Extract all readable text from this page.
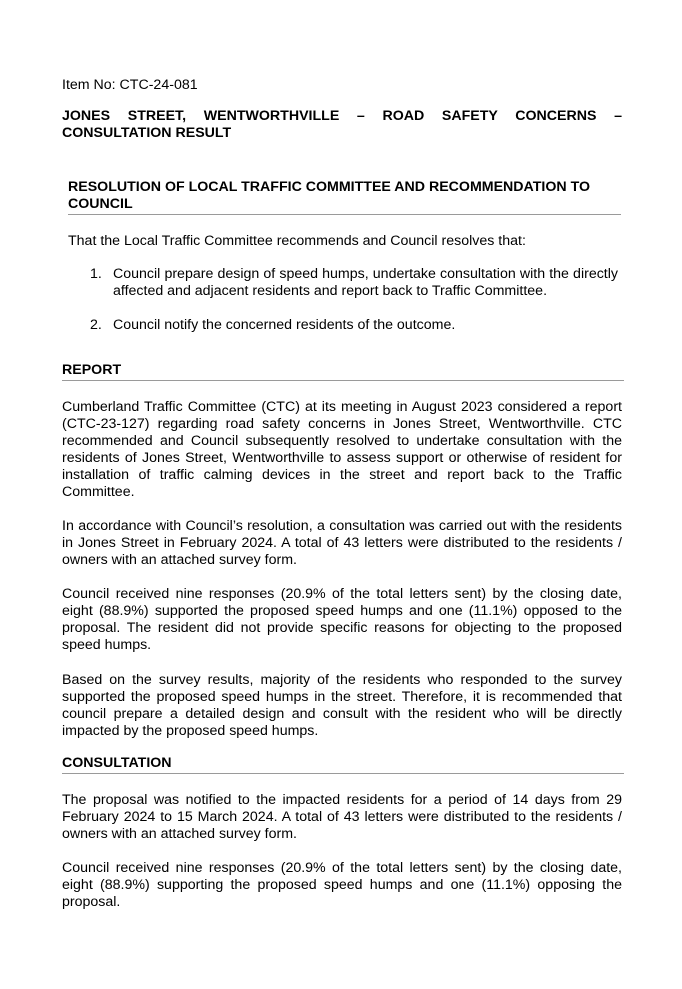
Item No: CTC-24-081
JONES STREET, WENTWORTHVILLE – ROAD SAFETY CONCERNS – CONSULTATION RESULT
RESOLUTION OF LOCAL TRAFFIC COMMITTEE AND RECOMMENDATION TO COUNCIL
That the Local Traffic Committee recommends and Council resolves that:
1. Council prepare design of speed humps, undertake consultation with the directly affected and adjacent residents and report back to Traffic Committee.
2. Council notify the concerned residents of the outcome.
REPORT
Cumberland Traffic Committee (CTC) at its meeting in August 2023 considered a report (CTC-23-127) regarding road safety concerns in Jones Street, Wentworthville. CTC recommended and Council subsequently resolved to undertake consultation with the residents of Jones Street, Wentworthville to assess support or otherwise of resident for installation of traffic calming devices in the street and report back to the Traffic Committee.
In accordance with Council’s resolution, a consultation was carried out with the residents in Jones Street in February 2024. A total of 43 letters were distributed to the residents / owners with an attached survey form.
Council received nine responses (20.9% of the total letters sent) by the closing date, eight (88.9%) supported the proposed speed humps and one (11.1%) opposed to the proposal. The resident did not provide specific reasons for objecting to the proposed speed humps.
Based on the survey results, majority of the residents who responded to the survey supported the proposed speed humps in the street. Therefore, it is recommended that council prepare a detailed design and consult with the resident who will be directly impacted by the proposed speed humps.
CONSULTATION
The proposal was notified to the impacted residents for a period of 14 days from 29 February 2024 to 15 March 2024. A total of 43 letters were distributed to the residents / owners with an attached survey form.
Council received nine responses (20.9% of the total letters sent) by the closing date, eight (88.9%) supporting the proposed speed humps and one (11.1%) opposing the proposal.
